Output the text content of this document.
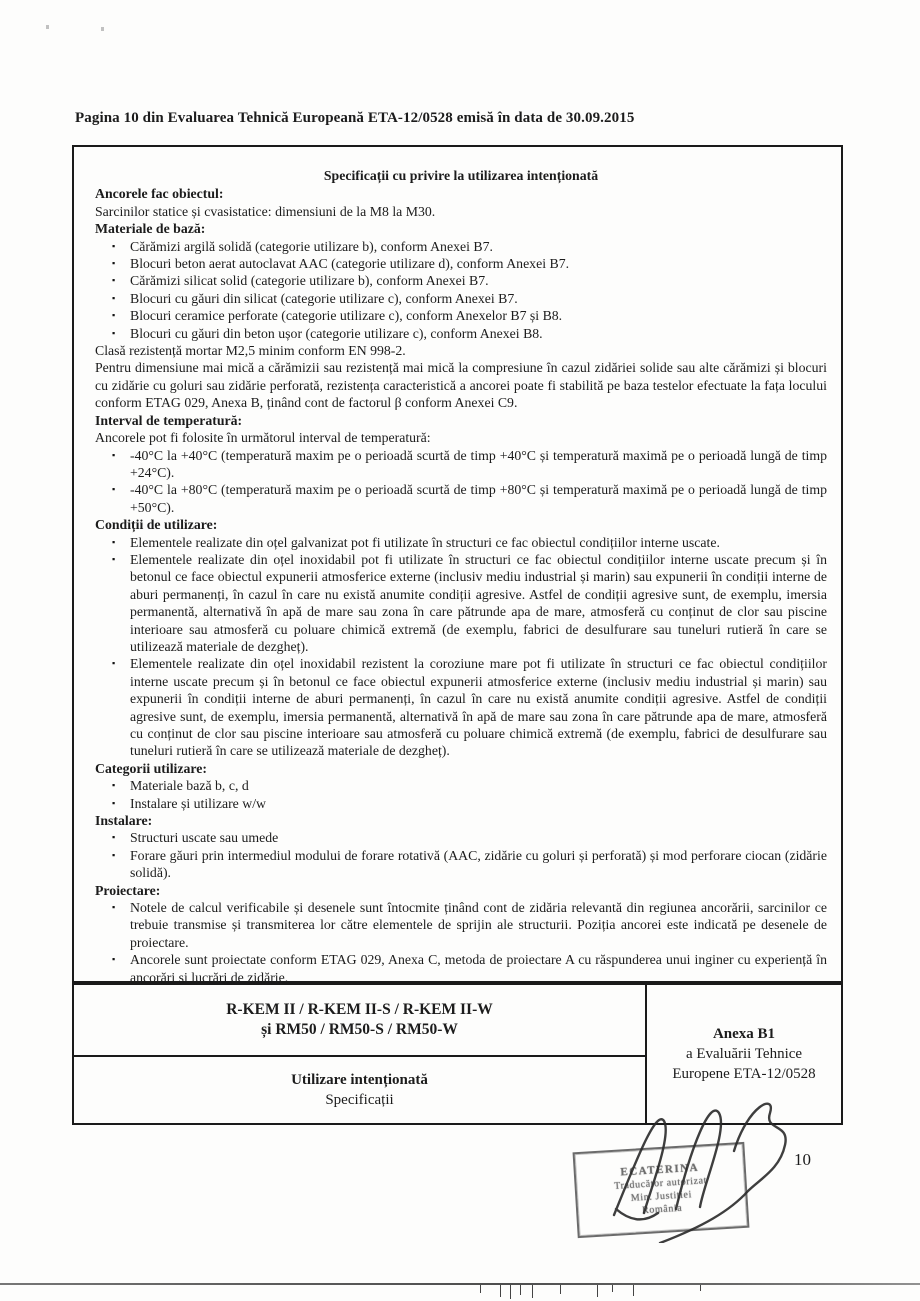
Pagina 10 din Evaluarea Tehnică Europeană ETA-12/0528 emisă în data de 30.09.2015
Specificații cu privire la utilizarea intenționată
Ancorele fac obiectul:
Sarcinilor statice și cvasistatice: dimensiuni de la M8 la M30.
Materiale de bază:
▪	Cărămizi argilă solidă (categorie utilizare b), conform Anexei B7.
▪	Blocuri beton aerat autoclavat AAC (categorie utilizare d), conform Anexei B7.
▪	Cărămizi silicat solid (categorie utilizare b), conform Anexei B7.
▪	Blocuri cu găuri din silicat (categorie utilizare c), conform Anexei B7.
▪	Blocuri ceramice perforate (categorie utilizare c), conform Anexelor B7 și B8.
▪	Blocuri cu găuri din beton ușor (categorie utilizare c), conform Anexei B8.
Clasă rezistență mortar M2,5 minim conform EN 998-2.
Pentru dimensiune mai mică a cărămizii sau rezistență mai mică la compresiune în cazul zidăriei solide sau alte cărămizi și blocuri cu zidărie cu goluri sau zidărie perforată, rezistența caracteristică a ancorei poate fi stabilită pe baza testelor efectuate la fața locului conform ETAG 029, Anexa B, ținând cont de factorul β conform Anexei C9.
Interval de temperatură:
Ancorele pot fi folosite în următorul interval de temperatură:
▪	-40°C la +40°C (temperatură maxim pe o perioadă scurtă de timp +40°C și temperatură maximă pe o perioadă lungă de timp +24°C).
▪	-40°C la +80°C (temperatură maxim pe o perioadă scurtă de timp +80°C și temperatură maximă pe o perioadă lungă de timp +50°C).
Condiții de utilizare:
▪	Elementele realizate din oțel galvanizat pot fi utilizate în structuri ce fac obiectul condițiilor interne uscate.
▪	Elementele realizate din oțel inoxidabil pot fi utilizate în structuri ce fac obiectul condițiilor interne uscate precum și în betonul ce face obiectul expunerii atmosferice externe (inclusiv mediu industrial și marin) sau expunerii în condiții interne de aburi permanenți, în cazul în care nu există anumite condiții agresive. Astfel de condiții agresive sunt, de exemplu, imersia permanentă, alternativă în apă de mare sau zona în care pătrunde apa de mare, atmosferă cu conținut de clor sau piscine interioare sau atmosferă cu poluare chimică extremă (de exemplu, fabrici de desulfurare sau tuneluri rutieră în care se utilizează materiale de dezgheț).
▪	Elementele realizate din oțel inoxidabil rezistent la coroziune mare pot fi utilizate în structuri ce fac obiectul condițiilor interne uscate precum și în betonul ce face obiectul expunerii atmosferice externe (inclusiv mediu industrial și marin) sau expunerii în condiții interne de aburi permanenți, în cazul în care nu există anumite condiții agresive. Astfel de condiții agresive sunt, de exemplu, imersia permanentă, alternativă în apă de mare sau zona în care pătrunde apa de mare, atmosferă cu conținut de clor sau piscine interioare sau atmosferă cu poluare chimică extremă (de exemplu, fabrici de desulfurare sau tuneluri rutieră în care se utilizează materiale de dezgheț).
Categorii utilizare:
▪	Materiale bază b, c, d
▪	Instalare și utilizare w/w
Instalare:
▪	Structuri uscate sau umede
▪	Forare găuri prin intermediul modului de forare rotativă (AAC, zidărie cu goluri și perforată) și mod perforare ciocan (zidărie solidă).
Proiectare:
▪	Notele de calcul verificabile și desenele sunt întocmite ținând cont de zidăria relevantă din regiunea ancorării, sarcinilor ce trebuie transmise și transmiterea lor către elementele de sprijin ale structurii. Poziția ancorei este indicată pe desenele de proiectare.
▪	Ancorele sunt proiectate conform ETAG 029, Anexa C, metoda de proiectare A cu răspunderea unui inginer cu experiență în ancorări și lucrări de zidărie.
R-KEM II / R-KEM II-S / R-KEM II-W
și RM50 / RM50-S / RM50-W
Utilizare intenționată
Specificații
Anexa B1
a Evaluării Tehnice
Europene ETA-12/0528
ECATERINA
Traducător autorizat
Min. Justiției
România
10
